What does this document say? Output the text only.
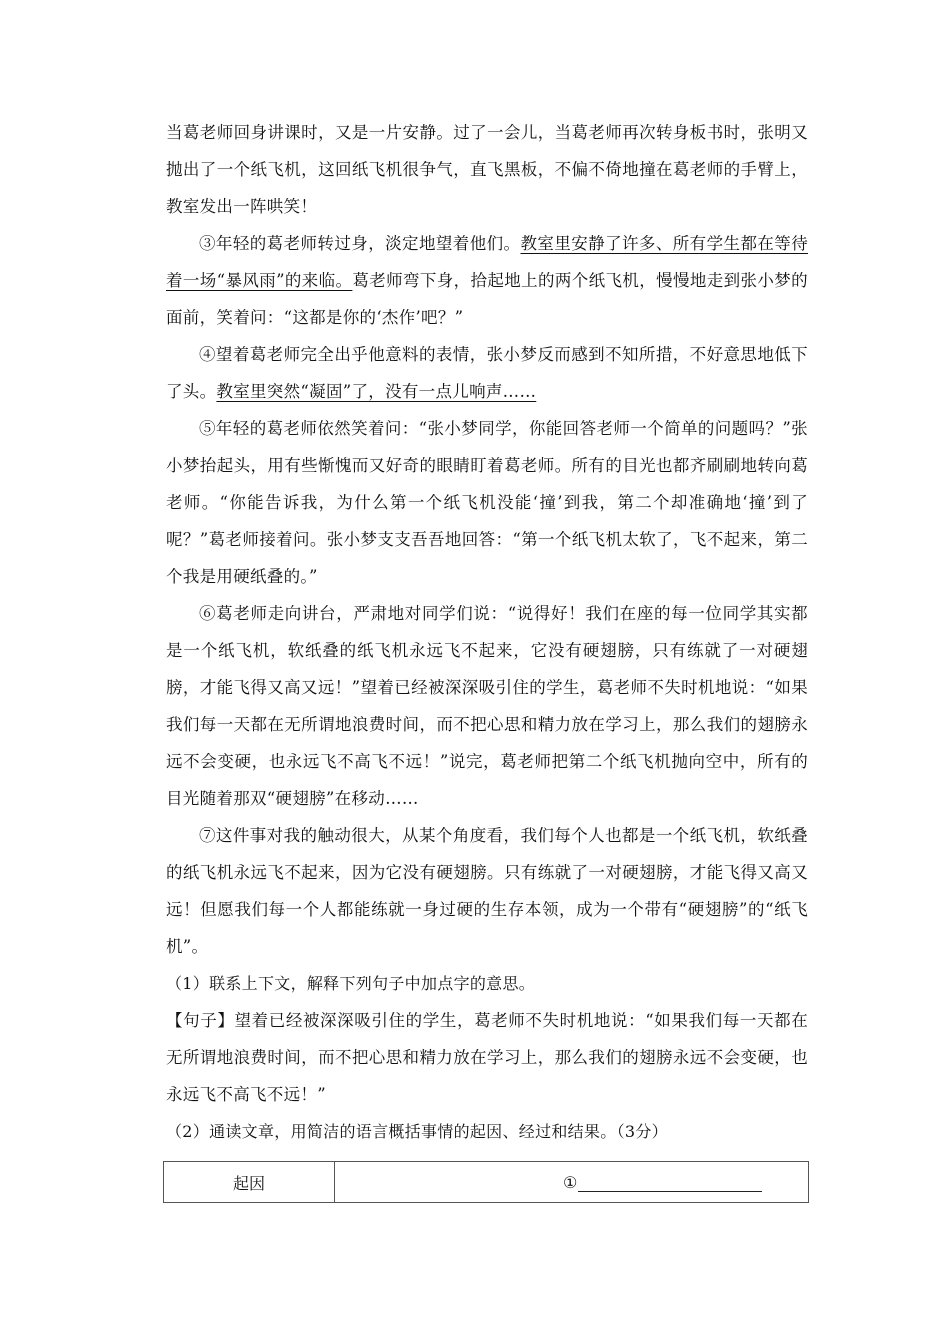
当葛老师回身讲课时，又是一片安静。过了一会儿，当葛老师再次转身板书时，张明又抛出了一个纸飞机，这回纸飞机很争气，直飞黑板，不偏不倚地撞在葛老师的手臂上，教室发出一阵哄笑！

③年轻的葛老师转过身，淡定地望着他们。教室里安静了许多、所有学生都在等待着一场“暴风雨”的来临。葛老师弯下身，拾起地上的两个纸飞机，慢慢地走到张小梦的面前，笑着问：“这都是你的‘杰作’吧？”

④望着葛老师完全出乎他意料的表情，张小梦反而感到不知所措，不好意思地低下了头。教室里突然“凝固”了，没有一点儿响声……

⑤年轻的葛老师依然笑着问：“张小梦同学，你能回答老师一个简单的问题吗？”张小梦抬起头，用有些惭愧而又好奇的眼睛盯着葛老师。所有的目光也都齐刷刷地转向葛老师。“你能告诉我，为什么第一个纸飞机没能‘撞’到我，第二个却准确地‘撞’到了呢？”葛老师接着问。张小梦支支吾吾地回答：“第一个纸飞机太软了，飞不起来，第二个我是用硬纸叠的。”

⑥葛老师走向讲台，严肃地对同学们说：“说得好！我们在座的每一位同学其实都是一个纸飞机，软纸叠的纸飞机永远飞不起来，它没有硬翅膀，只有练就了一对硬翅膀，才能飞得又高又远！”望着已经被深深吸引住的学生，葛老师不失时机地说：“如果我们每一天都在无所谓地浪费时间，而不把心思和精力放在学习上，那么我们的翅膀永远不会变硬，也永远飞不高飞不远！”说完，葛老师把第二个纸飞机抛向空中，所有的目光随着那双“硬翅膀”在移动……

⑦这件事对我的触动很大，从某个角度看，我们每个人也都是一个纸飞机，软纸叠的纸飞机永远飞不起来，因为它没有硬翅膀。只有练就了一对硬翅膀，才能飞得又高又远！但愿我们每一个人都能练就一身过硬的生存本领，成为一个带有“硬翅膀”的“纸飞机”。

（1）联系上下文，解释下列句子中加点字的意思。

【句子】望着已经被深深吸引住的学生，葛老师不失时机地说：“如果我们每一天都在无所谓地浪费时间，而不把心思和精力放在学习上，那么我们的翅膀永远不会变硬，也永远飞不高飞不远！”

（2）通读文章，用简洁的语言概括事情的起因、经过和结果。（3分）

起因	①
